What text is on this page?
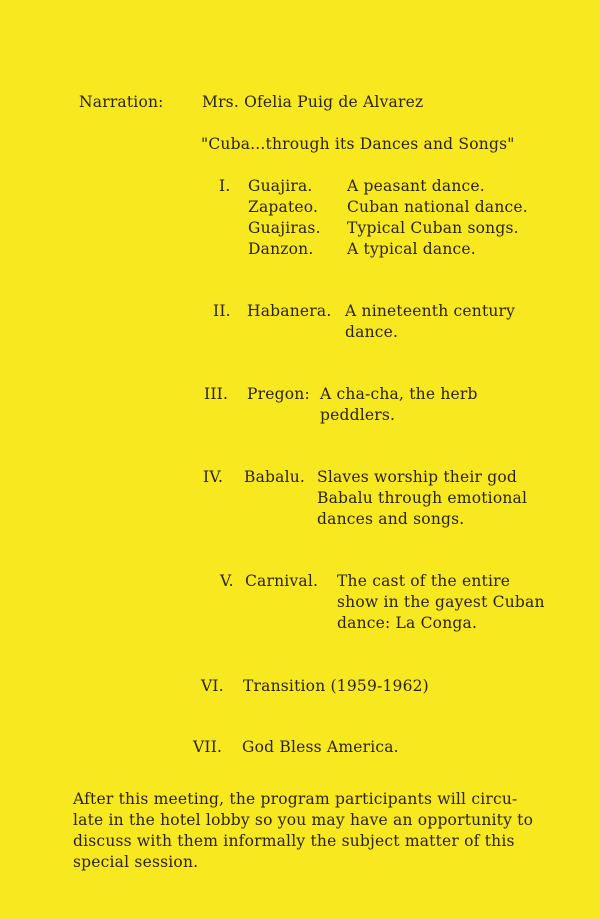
Narration: Mrs. Ofelia Puig de Alvarez
"Cuba...through its Dances and Songs"
I. Guajira. A peasant dance.
Zapateo. Cuban national dance.
Guajiras. Typical Cuban songs.
Danzon. A typical dance.
II. Habanera. A nineteenth century
dance.
III. Pregon: A cha-cha, the herb
peddlers.
IV. Babalu. Slaves worship their god
Babalu through emotional
dances and songs.
V. Carnival. The cast of the entire
show in the gayest Cuban
dance: La Conga.
VI. Transition (1959-1962)
VII. God Bless America.
After this meeting, the program participants will circu-
late in the hotel lobby so you may have an opportunity to
discuss with them informally the subject matter of this
special session.
